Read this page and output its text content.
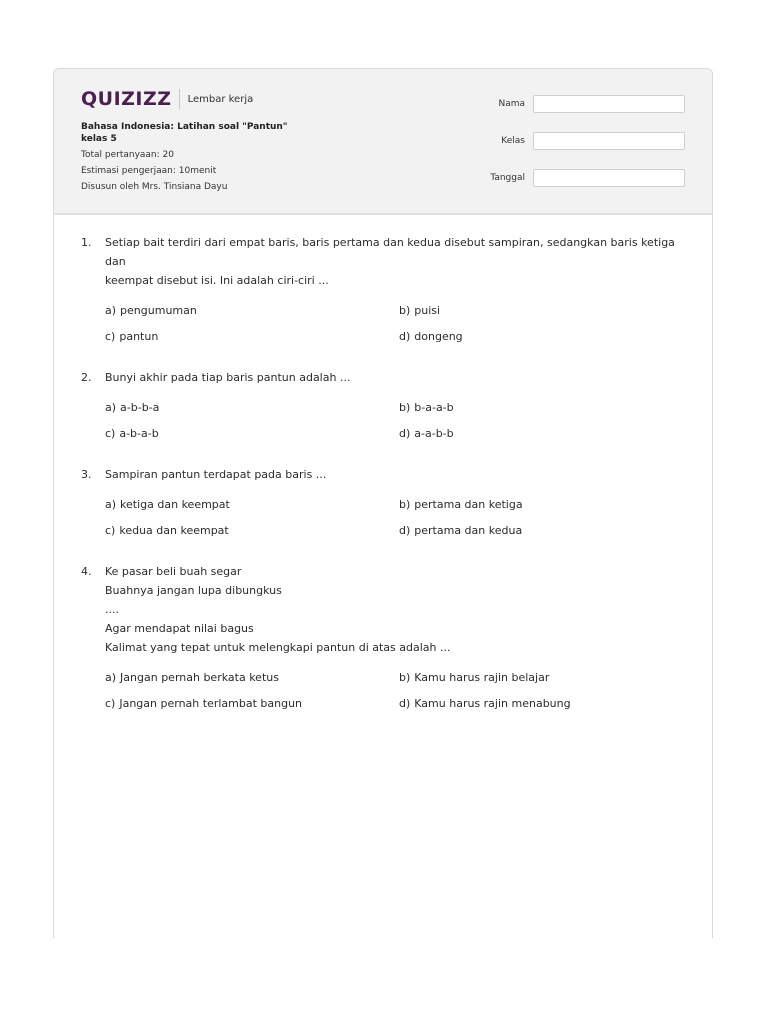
QUIZIZZ Lembar kerja
Bahasa Indonesia: Latihan soal "Pantun"
kelas 5
Total pertanyaan: 20
Estimasi pengerjaan: 10menit
Disusun oleh Mrs. Tinsiana Dayu
Nama
Kelas
Tanggal
1. Setiap bait terdiri dari empat baris, baris pertama dan kedua disebut sampiran, sedangkan baris ketiga dan
keempat disebut isi. Ini adalah ciri-ciri ...
a) pengumuman	b) puisi
c) pantun	d) dongeng
2. Bunyi akhir pada tiap baris pantun adalah ...
a) a-b-b-a	b) b-a-a-b
c) a-b-a-b	d) a-a-b-b
3. Sampiran pantun terdapat pada baris ...
a) ketiga dan keempat	b) pertama dan ketiga
c) kedua dan keempat	d) pertama dan kedua
4. Ke pasar beli buah segar
Buahnya jangan lupa dibungkus
....
Agar mendapat nilai bagus
Kalimat yang tepat untuk melengkapi pantun di atas adalah ...
a) Jangan pernah berkata ketus	b) Kamu harus rajin belajar
c) Jangan pernah terlambat bangun	d) Kamu harus rajin menabung
